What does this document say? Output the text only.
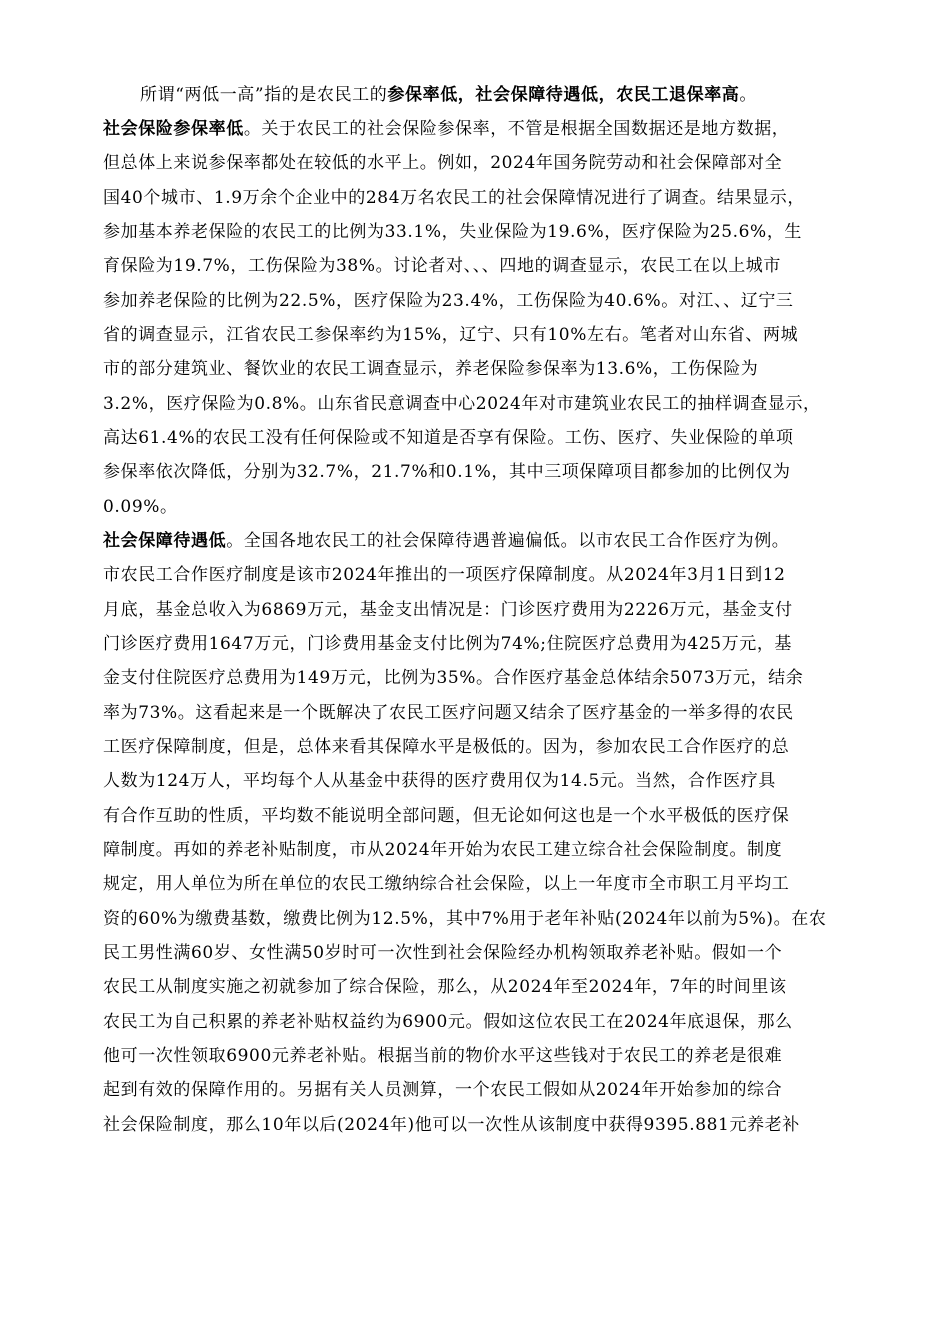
所谓“两低一高”指的是农民工的参保率低，社会保障待遇低，农民工退保率高。
社会保险参保率低。关于农民工的社会保险参保率，不管是根据全国数据还是地方数据，
但总体上来说参保率都处在较低的水平上。例如，2024年国务院劳动和社会保障部对全
国40个城市、1.9万余个企业中的284万名农民工的社会保障情况进行了调查。结果显示，
参加基本养老保险的农民工的比例为33.1%，失业保险为19.6%，医疗保险为25.6%，生
育保险为19.7%，工伤保险为38%。讨论者对、、、四地的调查显示，农民工在以上城市
参加养老保险的比例为22.5%，医疗保险为23.4%，工伤保险为40.6%。对江、、辽宁三
省的调查显示，江省农民工参保率约为15%，辽宁、只有10%左右。笔者对山东省、两城
市的部分建筑业、餐饮业的农民工调查显示，养老保险参保率为13.6%，工伤保险为
3.2%，医疗保险为0.8%。山东省民意调查中心2024年对市建筑业农民工的抽样调查显示，
高达61.4%的农民工没有任何保险或不知道是否享有保险。工伤、医疗、失业保险的单项
参保率依次降低，分别为32.7%，21.7%和0.1%，其中三项保障项目都参加的比例仅为
0.09%。
社会保障待遇低。全国各地农民工的社会保障待遇普遍偏低。以市农民工合作医疗为例。
市农民工合作医疗制度是该市2024年推出的一项医疗保障制度。从2024年3月1日到12
月底，基金总收入为6869万元，基金支出情况是：门诊医疗费用为2226万元，基金支付
门诊医疗费用1647万元，门诊费用基金支付比例为74%;住院医疗总费用为425万元，基
金支付住院医疗总费用为149万元，比例为35%。合作医疗基金总体结余5073万元，结余
率为73%。这看起来是一个既解决了农民工医疗问题又结余了医疗基金的一举多得的农民
工医疗保障制度，但是，总体来看其保障水平是极低的。因为，参加农民工合作医疗的总
人数为124万人，平均每个人从基金中获得的医疗费用仅为14.5元。当然，合作医疗具
有合作互助的性质，平均数不能说明全部问题，但无论如何这也是一个水平极低的医疗保
障制度。再如的养老补贴制度，市从2024年开始为农民工建立综合社会保险制度。制度
规定，用人单位为所在单位的农民工缴纳综合社会保险，以上一年度市全市职工月平均工
资的60%为缴费基数，缴费比例为12.5%，其中7%用于老年补贴(2024年以前为5%)。在农
民工男性满60岁、女性满50岁时可一次性到社会保险经办机构领取养老补贴。假如一个
农民工从制度实施之初就参加了综合保险，那么，从2024年至2024年，7年的时间里该
农民工为自己积累的养老补贴权益约为6900元。假如这位农民工在2024年底退保，那么
他可一次性领取6900元养老补贴。根据当前的物价水平这些钱对于农民工的养老是很难
起到有效的保障作用的。另据有关人员测算，一个农民工假如从2024年开始参加的综合
社会保险制度，那么10年以后(2024年)他可以一次性从该制度中获得9395.881元养老补
